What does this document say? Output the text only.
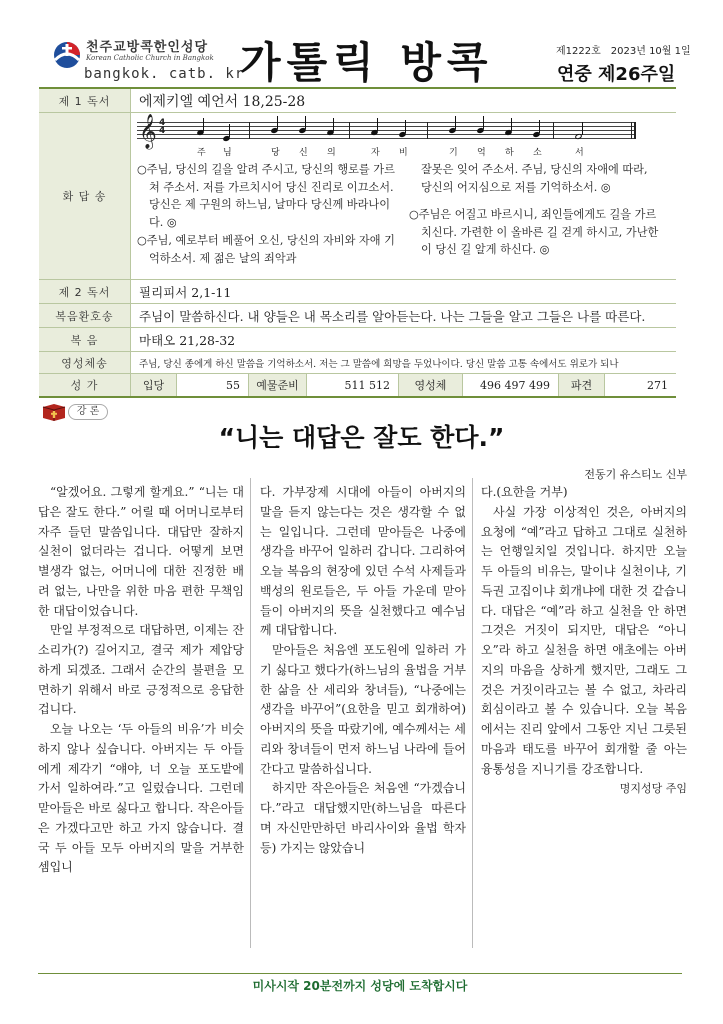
천주교방콕한인성당
Korean Catholic Church in Bangkok
bangkok. catb. kr
가톨릭 방콕	제1222호 2023년 10월 1일
연중 제26주일
제 1 독서	에제키엘 예언서 18,25-28
화 답 송
𝄞 4
4
주 님	당 신 의	자 비	기 억 하 소	서
○주님, 당신의 길을 알려 주시고, 당신의 행로를 가르쳐 주소서. 저를 가르치시어 당신 진리로 이끄소서. 당신은 제 구원의 하느님, 날마다 당신께 바라나이다. ◎
○주님, 예로부터 베풀어 오신, 당신의 자비와 자애 기억하소서. 제 젊은 날의 죄악과
잘못은 잊어 주소서. 주님, 당신의 자애에 따라, 당신의 어지심으로 저를 기억하소서. ◎
○주님은 어질고 바르시니, 죄인들에게도 길을 가르치신다. 가련한 이 올바른 길 걷게 하시고, 가난한 이 당신 길 알게 하신다. ◎
제 2 독서	필리피서 2,1-11
복음환호송	주님이 말씀하신다. 내 양들은 내 목소리를 알아듣는다. 나는 그들을 알고 그들은 나를 따른다.
복 음	마태오 21,28-32
영성체송	주님, 당신 종에게 하신 말씀을 기억하소서. 저는 그 말씀에 희망을 두었나이다. 당신 말씀 고통 속에서도 위로가 되나
성 가	입당	55	예물준비	511 512	영성체	496 497 499	파견	271
강 론
“니는 대답은 잘도 한다.”
전동기 유스티노 신부

“알겠어요. 그렇게 할게요.” “니는 대답은 잘도 한다.” 어릴 때 어머니로부터 자주 들던 말씀입니다. 대답만 잘하지 실천이 없더라는 겁니다. 어떻게 보면 별생각 없는, 어머니에 대한 진정한 배려 없는, 나만을 위한 마음 편한 무책임한 대답이었습니다.

만일 부정적으로 대답하면, 이제는 잔소리가(?) 길어지고, 결국 제가 제압당하게 되겠죠. 그래서 순간의 불편을 모면하기 위해서 바로 긍정적으로 응답한 겁니다.

오늘 나오는 ‘두 아들의 비유’가 비슷하지 않나 싶습니다. 아버지는 두 아들에게 제각기 “얘야, 너 오늘 포도밭에 가서 일하여라.”고 일렀습니다. 그런데 맏아들은 바로 싫다고 합니다. 작은아들은 가겠다고만 하고 가지 않습니다. 결국 두 아들 모두 아버지의 말을 거부한 셈입니

다. 가부장제 시대에 아들이 아버지의 말을 듣지 않는다는 것은 생각할 수 없는 일입니다. 그런데 맏아들은 나중에 생각을 바꾸어 일하러 갑니다. 그리하여 오늘 복음의 현장에 있던 수석 사제들과 백성의 원로들은, 두 아들 가운데 맏아들이 아버지의 뜻을 실천했다고 예수님께 대답합니다.

맏아들은 처음엔 포도원에 일하러 가기 싫다고 했다가(하느님의 율법을 거부한 삶을 산 세리와 창녀들), “나중에는 생각을 바꾸어”(요한을 믿고 회개하여) 아버지의 뜻을 따랐기에, 예수께서는 세리와 창녀들이 먼저 하느님 나라에 들어간다고 말씀하십니다.

하지만 작은아들은 처음엔 “가겠습니다.”라고 대답했지만(하느님을 따른다며 자신만만하던 바리사이와 율법 학자 등) 가지는 않았습니

다.(요한을 거부)

사실 가장 이상적인 것은, 아버지의 요청에 “예”라고 답하고 그대로 실천하는 언행일치일 것입니다. 하지만 오늘 두 아들의 비유는, 말이냐 실천이냐, 기득권 고집이냐 회개냐에 대한 것 같습니다. 대답은 “예”라 하고 실천을 안 하면 그것은 거짓이 되지만, 대답은 “아니오”라 하고 실천을 하면 애초에는 아버지의 마음을 상하게 했지만, 그래도 그것은 거짓이라고는 볼 수 없고, 차라리 회심이라고 볼 수 있습니다. 오늘 복음에서는 진리 앞에서 그동안 지닌 그릇된 마음과 태도를 바꾸어 회개할 줄 아는 융통성을 지니기를 강조합니다.

명지성당 주임

미사시작 20분전까지 성당에 도착합시다
